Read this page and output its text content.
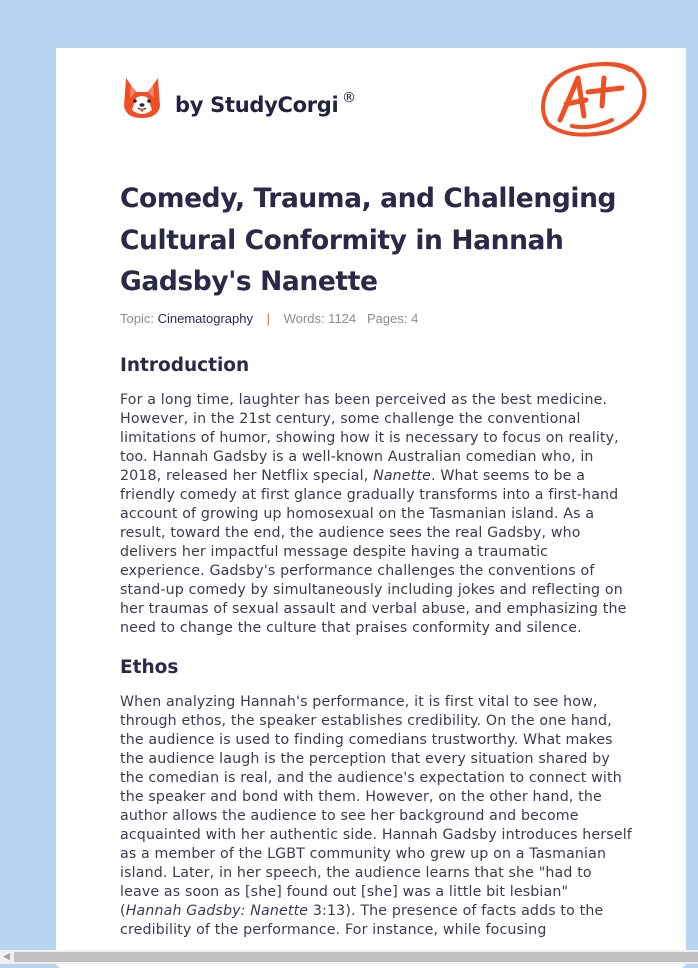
by StudyCorgi ®
Comedy, Trauma, and Challenging Cultural Conformity in Hannah Gadsby's Nanette
Topic: Cinematography | Words: 1124 Pages: 4
Introduction

For a long time, laughter has been perceived as the best medicine. However, in the 21st century, some challenge the conventional limitations of humor, showing how it is necessary to focus on reality, too. Hannah Gadsby is a well-known Australian comedian who, in 2018, released her Netflix special, Nanette. What seems to be a friendly comedy at first glance gradually transforms into a first-hand account of growing up homosexual on the Tasmanian island. As a result, toward the end, the audience sees the real Gadsby, who delivers her impactful message despite having a traumatic experience. Gadsby's performance challenges the conventions of stand-up comedy by simultaneously including jokes and reflecting on her traumas of sexual assault and verbal abuse, and emphasizing the need to change the culture that praises conformity and silence.

Ethos

When analyzing Hannah's performance, it is first vital to see how, through ethos, the speaker establishes credibility. On the one hand, the audience is used to finding comedians trustworthy. What makes the audience laugh is the perception that every situation shared by the comedian is real, and the audience's expectation to connect with the speaker and bond with them. However, on the other hand, the author allows the audience to see her background and become acquainted with her authentic side. Hannah Gadsby introduces herself as a member of the LGBT community who grew up on a Tasmanian island. Later, in her speech, the audience learns that she "had to leave as soon as [she] found out [she] was a little bit lesbian" (Hannah Gadsby: Nanette 3:13). The presence of facts adds to the credibility of the performance. For instance, while focusing

◀
